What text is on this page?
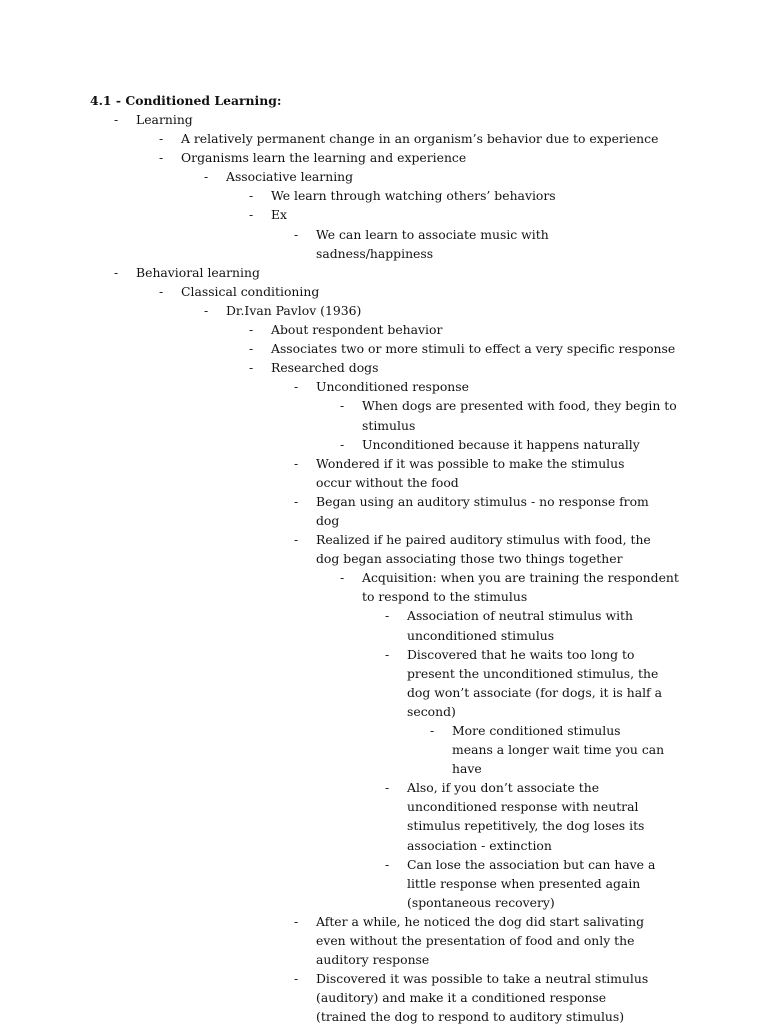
4.1 - Conditioned Learning:
- Learning
- A relatively permanent change in an organism’s behavior due to experience
- Organisms learn the learning and experience
- Associative learning
- We learn through watching others’ behaviors
- Ex
- We can learn to associate music with sadness/happiness
- Behavioral learning
- Classical conditioning
- Dr.Ivan Pavlov (1936)
- About respondent behavior
- Associates two or more stimuli to effect a very specific response
- Researched dogs
- Unconditioned response
- When dogs are presented with food, they begin to stimulus
- Unconditioned because it happens naturally
- Wondered if it was possible to make the stimulus occur without the food
- Began using an auditory stimulus - no response from dog
- Realized if he paired auditory stimulus with food, the dog began associating those two things together
- Acquisition: when you are training the respondent to respond to the stimulus
- Association of neutral stimulus with unconditioned stimulus
- Discovered that he waits too long to present the unconditioned stimulus, the dog won’t associate (for dogs, it is half a second)
- More conditioned stimulus means a longer wait time you can have
- Also, if you don’t associate the unconditioned response with neutral stimulus repetitively, the dog loses its association - extinction
- Can lose the association but can have a little response when presented again (spontaneous recovery)
- After a while, he noticed the dog did start salivating even without the presentation of food and only the auditory response
- Discovered it was possible to take a neutral stimulus (auditory) and make it a conditioned response (trained the dog to respond to auditory stimulus)
